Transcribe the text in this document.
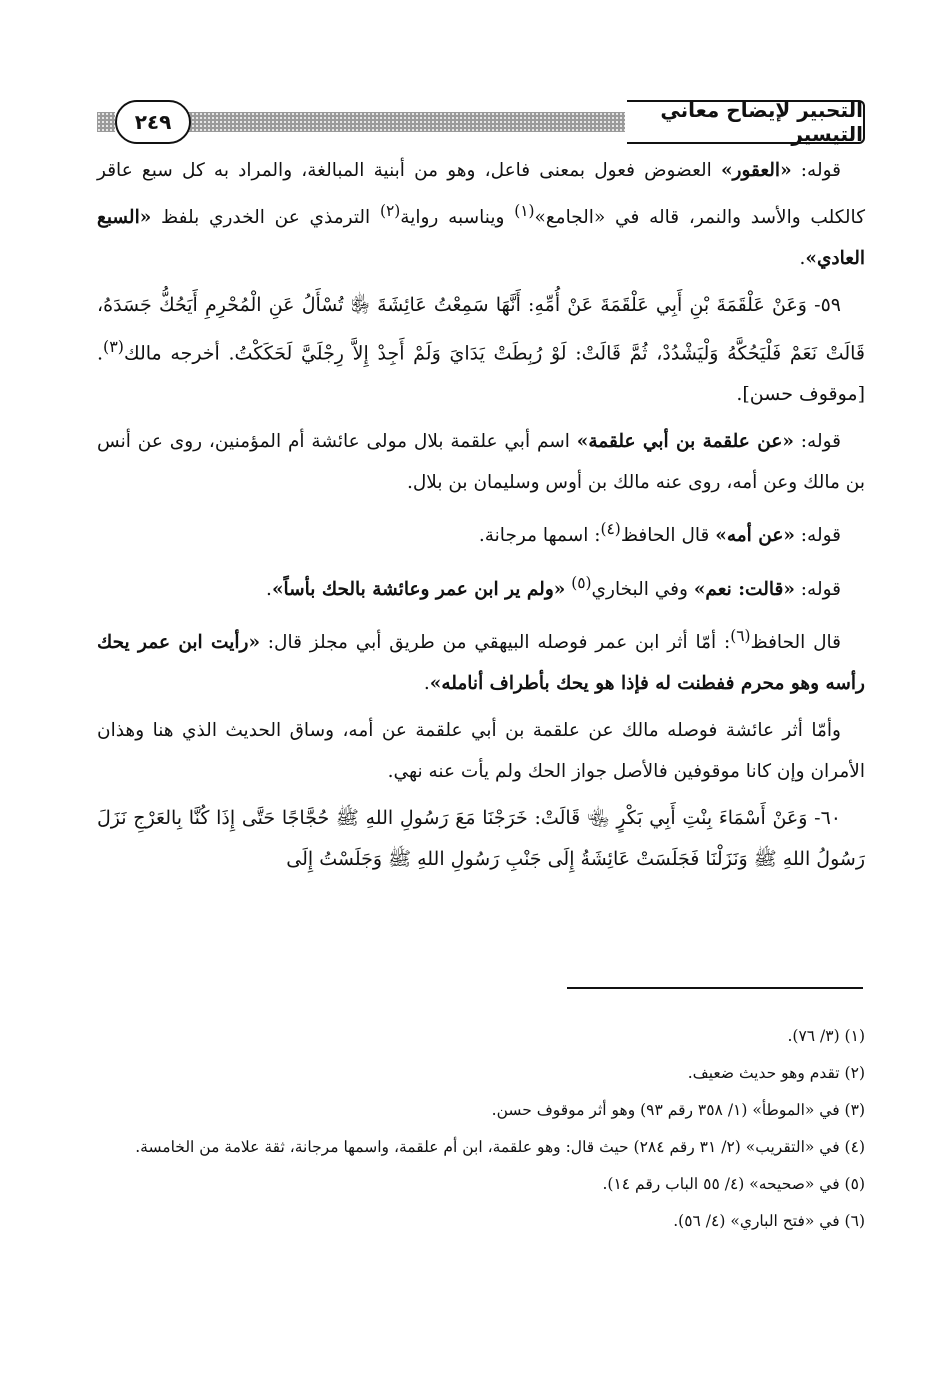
٢٤٩	التحبير لإيضاح معاني التيسير

قوله: «العقور» العضوض فعول بمعنى فاعل، وهو من أبنية المبالغة، والمراد به كل سبع عاقر كالكلب والأسد والنمر، قاله في «الجامع»$^{(١)}$ ويناسبه رواية$^{(٢)}$ الترمذي عن الخدري بلفظ «السبع العادي».

٥٩- وَعَنْ عَلْقَمَةَ بْنِ أَبِي عَلْقَمَةَ عَنْ أُمِّهِ: أَنَّهَا سَمِعْتُ عَائِشَةَ ﵂ تُسْأَلُ عَنِ الْمُحْرِمِ أَيَحُكُّ جَسَدَهُ، قَالَتْ نَعَمْ فَلْيَحُكَّهُ وَلْيَشْدُدْ، ثُمَّ قَالَتْ: لَوْ رُبِطَتْ يَدَايَ وَلَمْ أَجِدْ إِلاَّ رِجْلَيَّ لَحَكَكْتُ. أخرجه مالك$^{(٣)}$. [موقوف حسن].

قوله: «عن علقمة بن أبي علقمة» اسم أبي علقمة بلال مولى عائشة أم المؤمنين، روى عن أنس بن مالك وعن أمه، روى عنه مالك بن أوس وسليمان بن بلال.

قوله: «عن أمه» قال الحافظ$^{(٤)}$: اسمها مرجانة.

قوله: «قالت: نعم» وفي البخاري$^{(٥)}$ «ولم ير ابن عمر وعائشة بالحك بأساً».

قال الحافظ$^{(٦)}$: أمّا أثر ابن عمر فوصله البيهقي من طريق أبي مجلز قال: «رأيت ابن عمر يحك رأسه وهو محرم ففطنت له فإذا هو يحك بأطراف أنامله».

وأمّا أثر عائشة فوصله مالك عن علقمة بن أبي علقمة عن أمه، وساق الحديث الذي هنا وهذان الأمران وإن كانا موقوفين فالأصل جواز الحك ولم يأت عنه نهي.

٦٠- وَعَنْ أَسْمَاءَ بِنْتِ أَبِي بَكْرٍ ﵄ قَالَتْ: خَرَجْنَا مَعَ رَسُولِ اللهِ ﷺ حُجَّاجًا حَتَّى إِذَا كُنَّا بِالعَرْجِ نَزَلَ رَسُولُ اللهِ ﷺ وَنَزَلْنَا فَجَلَسَتْ عَائِشَةُ إِلَى جَنْبِ رَسُولِ اللهِ ﷺ وَجَلَسْتُ إِلَى

(١) (٣/ ٧٦).

(٢) تقدم وهو حديث ضعيف.

(٣) في «الموطأ» (١/ ٣٥٨ رقم ٩٣) وهو أثر موقوف حسن.

(٤) في «التقريب» (٢/ ٣١ رقم ٢٨٤) حيث قال: وهو علقمة، ابن أم علقمة، واسمها مرجانة، ثقة علامة من الخامسة.

(٥) في «صحيحه» (٤/ ٥٥ الباب رقم ١٤).

(٦) في «فتح الباري» (٤/ ٥٦).
